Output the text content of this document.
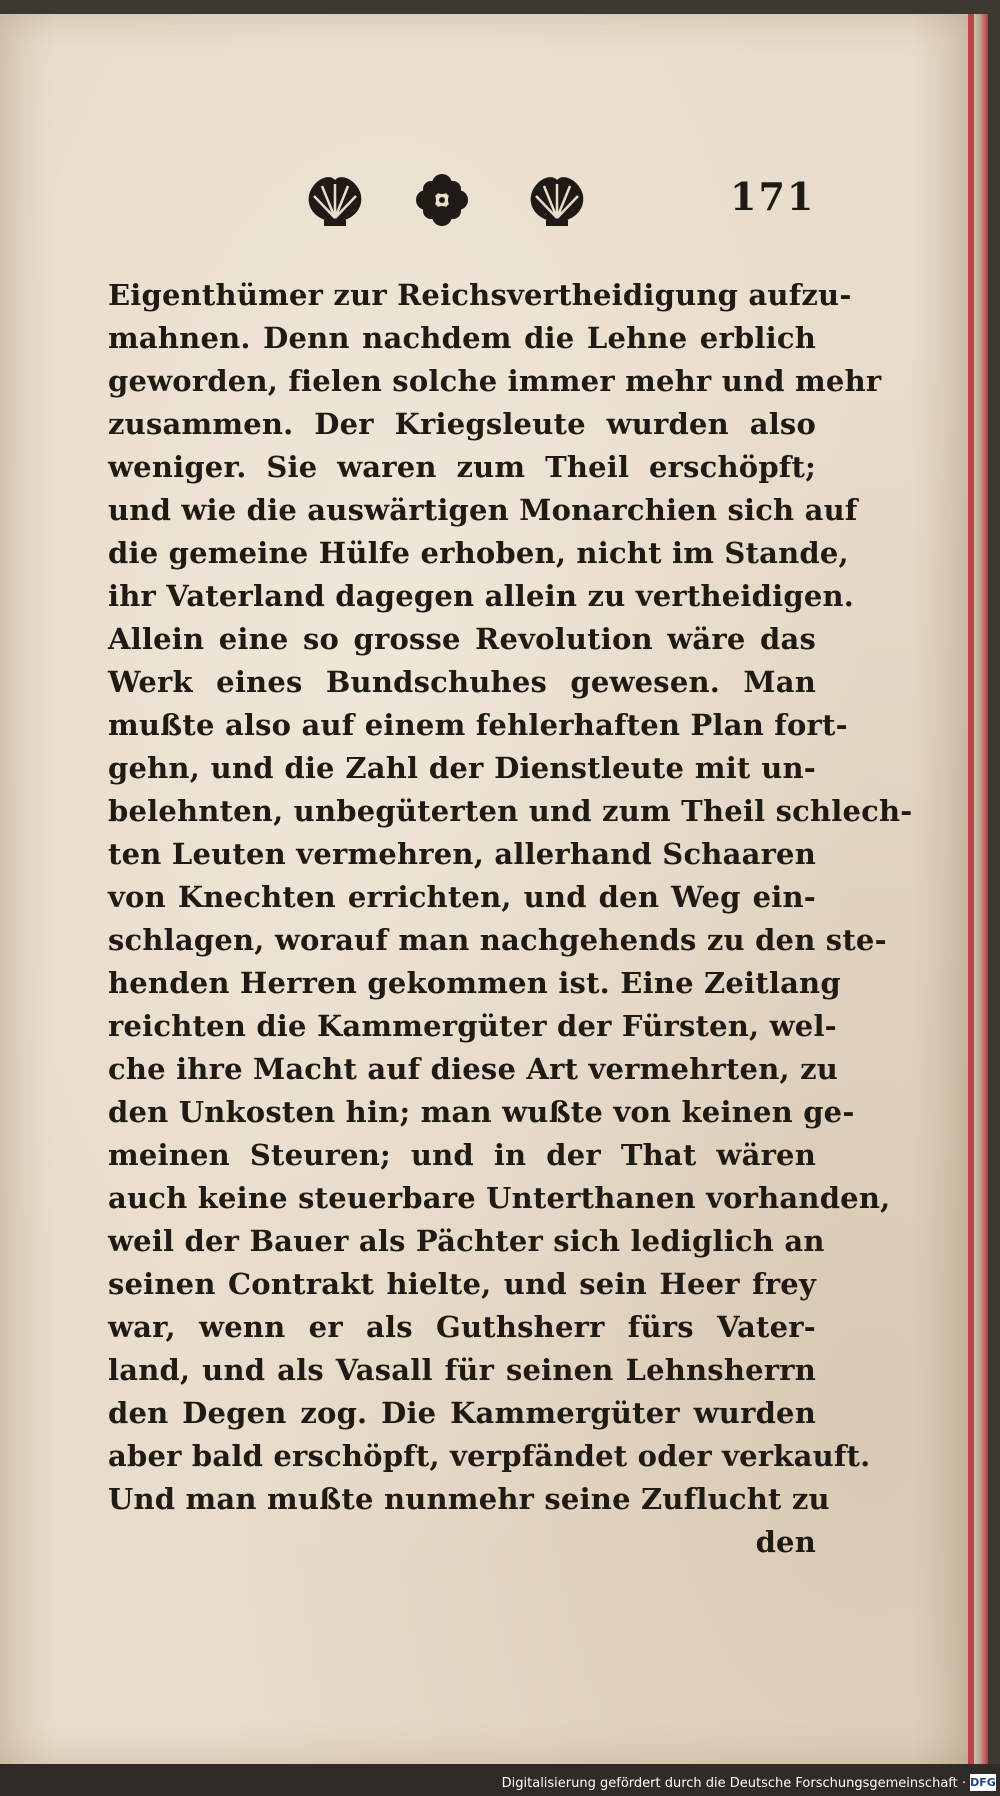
171
Eigenthümer zur Reichsvertheidigung aufzu-
mahnen. Denn nachdem die Lehne erblich
geworden, fielen solche immer mehr und mehr
zusammen. Der Kriegsleute wurden also
weniger. Sie waren zum Theil erschöpft;
und wie die auswärtigen Monarchien sich auf
die gemeine Hülfe erhoben, nicht im Stande,
ihr Vaterland dagegen allein zu vertheidigen.
Allein eine so grosse Revolution wäre das
Werk eines Bundschuhes gewesen. Man
mußte also auf einem fehlerhaften Plan fort-
gehn, und die Zahl der Dienstleute mit un-
belehnten, unbegüterten und zum Theil schlech-
ten Leuten vermehren, allerhand Schaaren
von Knechten errichten, und den Weg ein-
schlagen, worauf man nachgehends zu den ste-
henden Herren gekommen ist. Eine Zeitlang
reichten die Kammergüter der Fürsten, wel-
che ihre Macht auf diese Art vermehrten, zu
den Unkosten hin; man wußte von keinen ge-
meinen Steuren; und in der That wären
auch keine steuerbare Unterthanen vorhanden,
weil der Bauer als Pächter sich lediglich an
seinen Contrakt hielte, und sein Heer frey
war, wenn er als Guthsherr fürs Vater-
land, und als Vasall für seinen Lehnsherrn
den Degen zog. Die Kammergüter wurden
aber bald erschöpft, verpfändet oder verkauft.
Und man mußte nunmehr seine Zuflucht zu
den
Digitalisierung gefördert durch die Deutsche Forschungsgemeinschaft · DFG
